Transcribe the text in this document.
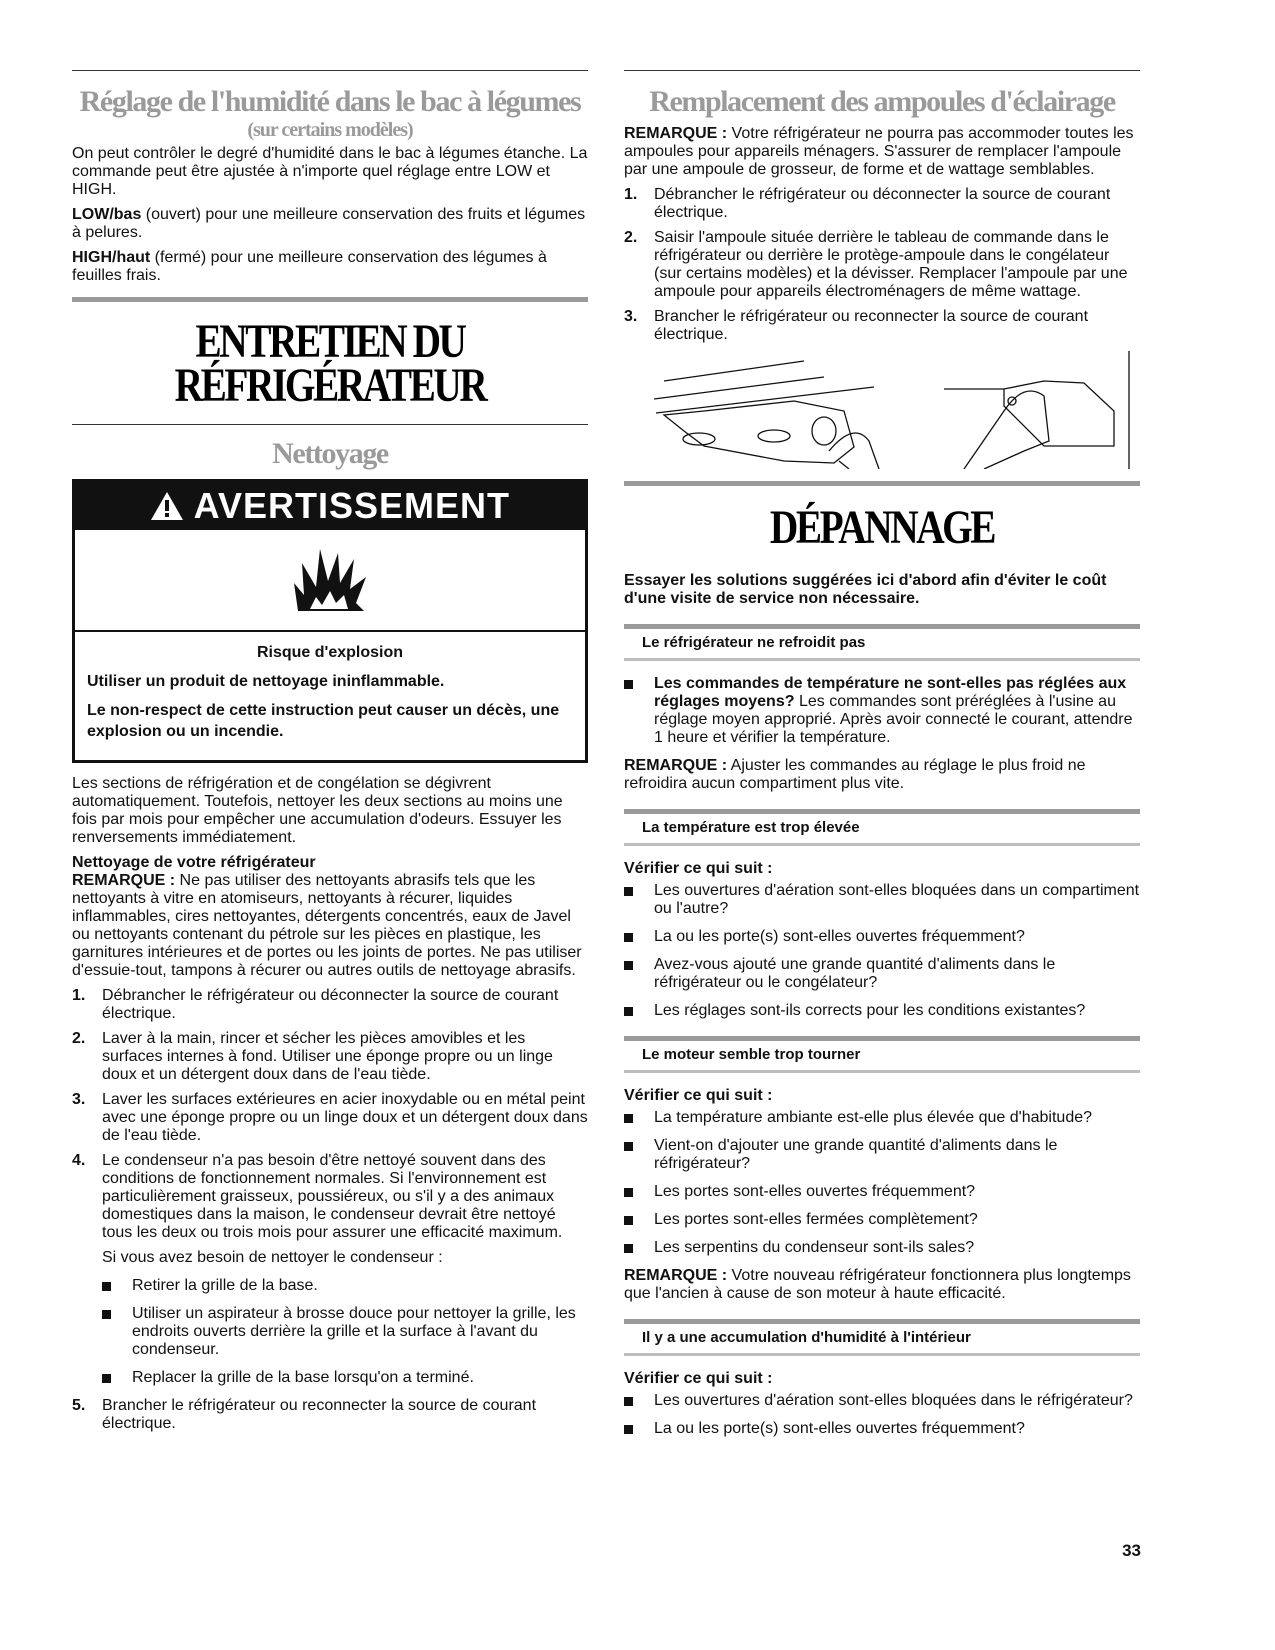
Réglage de l'humidité dans le bac à légumes
(sur certains modèles)

On peut contrôler le degré d'humidité dans le bac à légumes étanche. La commande peut être ajustée à n'importe quel réglage entre LOW et HIGH.

LOW/bas (ouvert) pour une meilleure conservation des fruits et légumes à pelures.

HIGH/haut (fermé) pour une meilleure conservation des légumes à feuilles frais.

ENTRETIEN DU
RÉFRIGÉRATEUR
Nettoyage
AVERTISSEMENT

Risque d'explosion

Utiliser un produit de nettoyage ininflammable.

Le non-respect de cette instruction peut causer un décès, une explosion ou un incendie.

Les sections de réfrigération et de congélation se dégivrent automatiquement. Toutefois, nettoyer les deux sections au moins une fois par mois pour empêcher une accumulation d'odeurs. Essuyer les renversements immédiatement.

Nettoyage de votre réfrigérateur

REMARQUE : Ne pas utiliser des nettoyants abrasifs tels que les nettoyants à vitre en atomiseurs, nettoyants à récurer, liquides inflammables, cires nettoyantes, détergents concentrés, eaux de Javel ou nettoyants contenant du pétrole sur les pièces en plastique, les garnitures intérieures et de portes ou les joints de portes. Ne pas utiliser d'essuie-tout, tampons à récurer ou autres outils de nettoyage abrasifs.

1. Débrancher le réfrigérateur ou déconnecter la source de courant électrique.
2. Laver à la main, rincer et sécher les pièces amovibles et les surfaces internes à fond. Utiliser une éponge propre ou un linge doux et un détergent doux dans de l'eau tiède.
3. Laver les surfaces extérieures en acier inoxydable ou en métal peint avec une éponge propre ou un linge doux et un détergent doux dans de l'eau tiède.
4. Le condenseur n'a pas besoin d'être nettoyé souvent dans des conditions de fonctionnement normales. Si l'environnement est particulièrement graisseux, poussiéreux, ou s'il y a des animaux domestiques dans la maison, le condenseur devrait être nettoyé tous les deux ou trois mois pour assurer une efficacité maximum.

Si vous avez besoin de nettoyer le condenseur :

Retirer la grille de la base.
Utiliser un aspirateur à brosse douce pour nettoyer la grille, les endroits ouverts derrière la grille et la surface à l'avant du condenseur.
Replacer la grille de la base lorsqu'on a terminé.
5. Brancher le réfrigérateur ou reconnecter la source de courant électrique.
Remplacement des ampoules d'éclairage

REMARQUE : Votre réfrigérateur ne pourra pas accommoder toutes les ampoules pour appareils ménagers. S'assurer de remplacer l'ampoule par une ampoule de grosseur, de forme et de wattage semblables.

1. Débrancher le réfrigérateur ou déconnecter la source de courant électrique.
2. Saisir l'ampoule située derrière le tableau de commande dans le réfrigérateur ou derrière le protège-ampoule dans le congélateur (sur certains modèles) et la dévisser. Remplacer l'ampoule par une ampoule pour appareils électroménagers de même wattage.
3. Brancher le réfrigérateur ou reconnecter la source de courant électrique.
DÉPANNAGE

Essayer les solutions suggérées ici d'abord afin d'éviter le coût d'une visite de service non nécessaire.

Le réfrigérateur ne refroidit pas
Les commandes de température ne sont-elles pas réglées aux réglages moyens? Les commandes sont préréglées à l'usine au réglage moyen approprié. Après avoir connecté le courant, attendre 1 heure et vérifier la température.

REMARQUE : Ajuster les commandes au réglage le plus froid ne refroidira aucun compartiment plus vite.

La température est trop élevée
Vérifier ce qui suit :
Les ouvertures d'aération sont-elles bloquées dans un compartiment ou l'autre?
La ou les porte(s) sont-elles ouvertes fréquemment?
Avez-vous ajouté une grande quantité d'aliments dans le réfrigérateur ou le congélateur?
Les réglages sont-ils corrects pour les conditions existantes?
Le moteur semble trop tourner
Vérifier ce qui suit :
La température ambiante est-elle plus élevée que d'habitude?
Vient-on d'ajouter une grande quantité d'aliments dans le réfrigérateur?
Les portes sont-elles ouvertes fréquemment?
Les portes sont-elles fermées complètement?
Les serpentins du condenseur sont-ils sales?

REMARQUE : Votre nouveau réfrigérateur fonctionnera plus longtemps que l'ancien à cause de son moteur à haute efficacité.

Il y a une accumulation d'humidité à l'intérieur
Vérifier ce qui suit :
Les ouvertures d'aération sont-elles bloquées dans le réfrigérateur?
La ou les porte(s) sont-elles ouvertes fréquemment?
33
